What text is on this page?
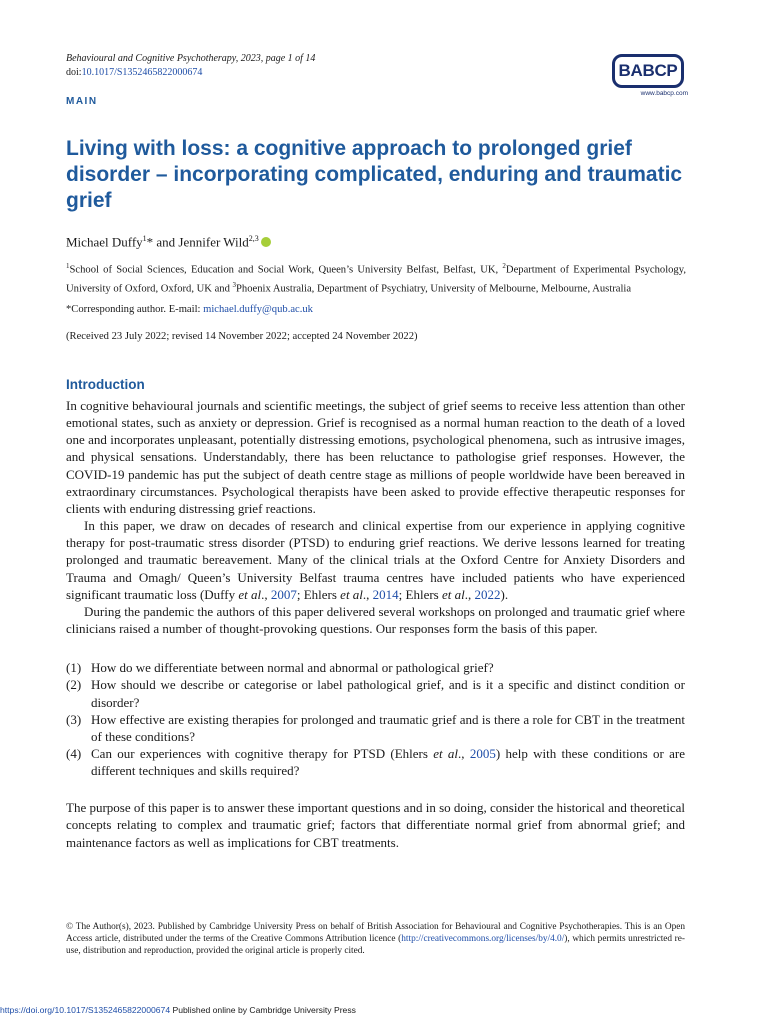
Behavioural and Cognitive Psychotherapy, 2023, page 1 of 14
doi:10.1017/S1352465822000674	BABCP
www.babcp.com
MAIN
Living with loss: a cognitive approach to prolonged grief disorder – incorporating complicated, enduring and traumatic grief
Michael Duffy$^1$* and Jennifer Wild$^{2,3}$
$^1$School of Social Sciences, Education and Social Work, Queen’s University Belfast, Belfast, UK, $^2$Department of Experimental Psychology, University of Oxford, Oxford, UK and $^3$Phoenix Australia, Department of Psychiatry, University of Melbourne, Melbourne, Australia
*Corresponding author. E-mail: michael.duffy@qub.ac.uk
(Received 23 July 2022; revised 14 November 2022; accepted 24 November 2022)
Introduction

In cognitive behavioural journals and scientific meetings, the subject of grief seems to receive less attention than other emotional states, such as anxiety or depression. Grief is recognised as a normal human reaction to the death of a loved one and incorporates unpleasant, potentially distressing emotions, psychological phenomena, such as intrusive images, and physical sensations. Understandably, there has been reluctance to pathologise grief responses. However, the COVID-19 pandemic has put the subject of death centre stage as millions of people worldwide have been bereaved in extraordinary circumstances. Psychological therapists have been asked to provide effective therapeutic responses for clients with enduring distressing grief reactions.

In this paper, we draw on decades of research and clinical expertise from our experience in applying cognitive therapy for post-traumatic stress disorder (PTSD) to enduring grief reactions. We derive lessons learned for treating prolonged and traumatic bereavement. Many of the clinical trials at the Oxford Centre for Anxiety Disorders and Trauma and Omagh/ Queen’s University Belfast trauma centres have included patients who have experienced significant traumatic loss (Duffy et al., 2007; Ehlers et al., 2014; Ehlers et al., 2022).

During the pandemic the authors of this paper delivered several workshops on prolonged and traumatic grief where clinicians raised a number of thought-provoking questions. Our responses form the basis of this paper.

(1) How do we differentiate between normal and abnormal or pathological grief?
(2) How should we describe or categorise or label pathological grief, and is it a specific and distinct condition or disorder?
(3) How effective are existing therapies for prolonged and traumatic grief and is there a role for CBT in the treatment of these conditions?
(4) Can our experiences with cognitive therapy for PTSD (Ehlers et al., 2005) help with these conditions or are different techniques and skills required?

The purpose of this paper is to answer these important questions and in so doing, consider the historical and theoretical concepts relating to complex and traumatic grief; factors that differentiate normal grief from abnormal grief; and maintenance factors as well as implications for CBT treatments.

© The Author(s), 2023. Published by Cambridge University Press on behalf of British Association for Behavioural and Cognitive Psychotherapies. This is an Open Access article, distributed under the terms of the Creative Commons Attribution licence (http://creativecommons.org/licenses/by/4.0/), which permits unrestricted re-use, distribution and reproduction, provided the original article is properly cited.
https://doi.org/10.1017/S1352465822000674 Published online by Cambridge University Press
